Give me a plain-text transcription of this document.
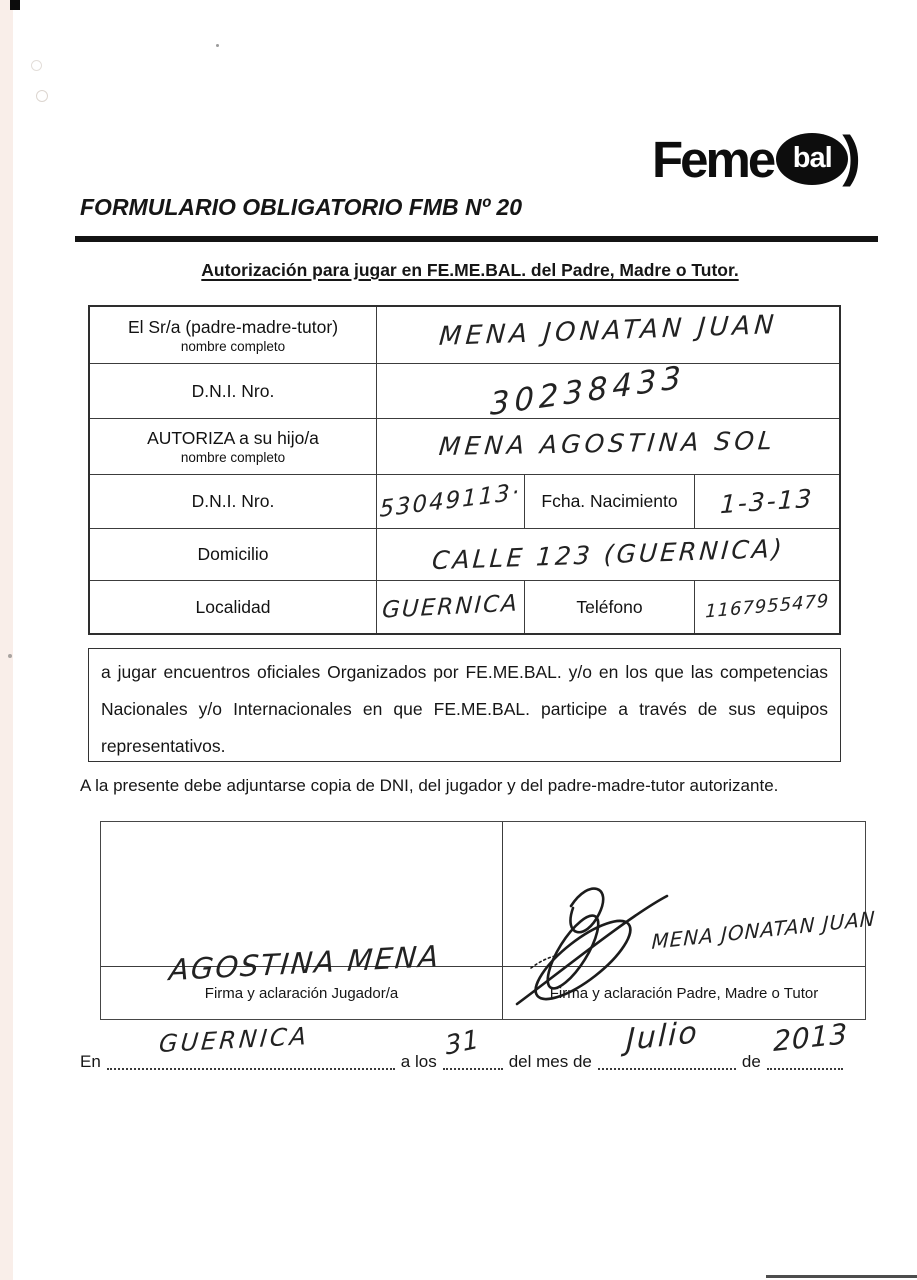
Feme bal )
FORMULARIO OBLIGATORIO FMB Nº 20
Autorización para jugar en FE.ME.BAL. del Padre, Madre o Tutor.
El Sr/a (padre-madre-tutor)
nombre completo	MENA JONATAN JUAN
D.N.I. Nro.	30238433
AUTORIZA a su hijo/a
nombre completo	MENA AGOSTINA SOL
D.N.I. Nro.	53049113· Fcha. Nacimiento 1-3-13
Domicilio	CALLE 123 (GUERNICA)
Localidad	GUERNICA	Teléfono	1167955479
a jugar encuentros oficiales Organizados por FE.ME.BAL. y/o en los que las competencias Nacionales y/o Internacionales en que FE.ME.BAL. participe a través de sus equipos representativos.
A la presente debe adjuntarse copia de DNI, del jugador y del padre-madre-tutor autorizante.
AGOSTINA MENA
MENA JONATAN JUAN
Firma y aclaración Jugador/a	Firma y aclaración Padre, Madre o Tutor
En
GUERNICA
a los 31 del mes de
Julio
de
2013
